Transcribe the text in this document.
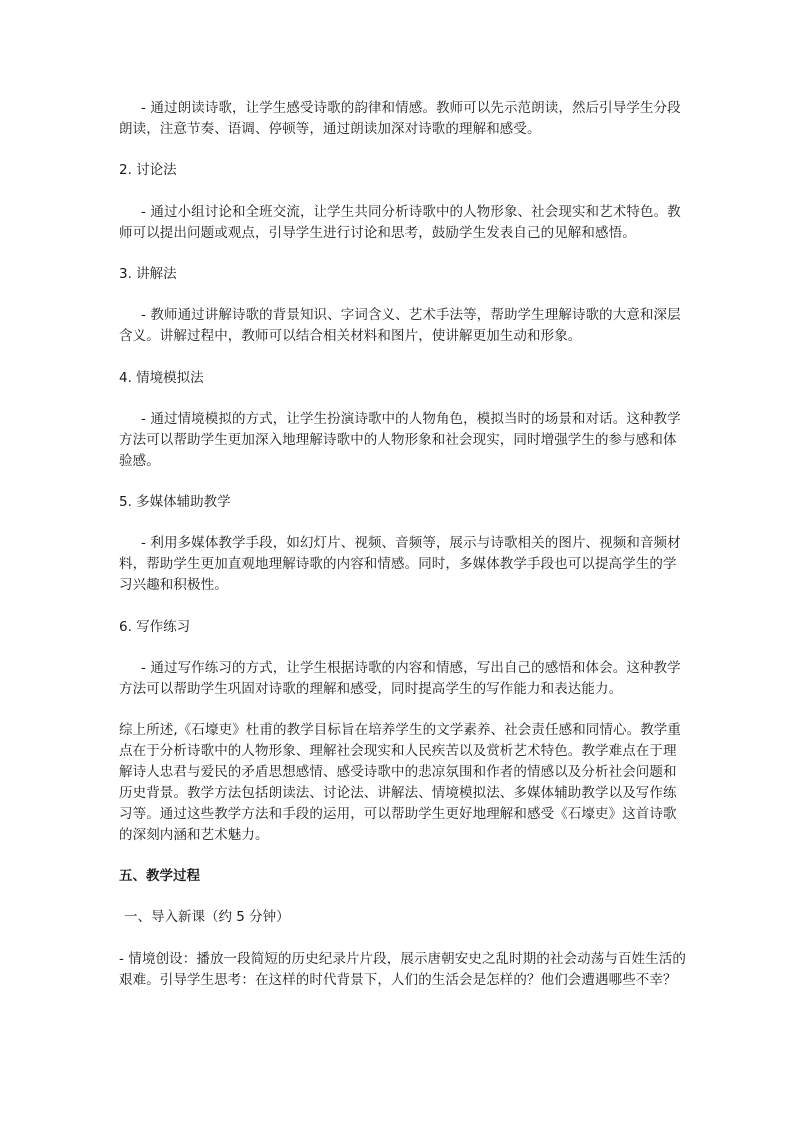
- 通过朗读诗歌，让学生感受诗歌的韵律和情感。教师可以先示范朗读，然后引导学生分段朗读，注意节奏、语调、停顿等，通过朗读加深对诗歌的理解和感受。

2. 讨论法

- 通过小组讨论和全班交流，让学生共同分析诗歌中的人物形象、社会现实和艺术特色。教师可以提出问题或观点，引导学生进行讨论和思考，鼓励学生发表自己的见解和感悟。

3. 讲解法

- 教师通过讲解诗歌的背景知识、字词含义、艺术手法等，帮助学生理解诗歌的大意和深层含义。讲解过程中，教师可以结合相关材料和图片，使讲解更加生动和形象。

4. 情境模拟法

- 通过情境模拟的方式，让学生扮演诗歌中的人物角色，模拟当时的场景和对话。这种教学方法可以帮助学生更加深入地理解诗歌中的人物形象和社会现实，同时增强学生的参与感和体验感。

5. 多媒体辅助教学

- 利用多媒体教学手段，如幻灯片、视频、音频等，展示与诗歌相关的图片、视频和音频材料，帮助学生更加直观地理解诗歌的内容和情感。同时，多媒体教学手段也可以提高学生的学习兴趣和积极性。

6. 写作练习

- 通过写作练习的方式，让学生根据诗歌的内容和情感，写出自己的感悟和体会。这种教学方法可以帮助学生巩固对诗歌的理解和感受，同时提高学生的写作能力和表达能力。

综上所述,《石壕吏》杜甫的教学目标旨在培养学生的文学素养、社会责任感和同情心。教学重点在于分析诗歌中的人物形象、理解社会现实和人民疾苦以及赏析艺术特色。教学难点在于理解诗人忠君与爱民的矛盾思想感情、感受诗歌中的悲凉氛围和作者的情感以及分析社会问题和历史背景。教学方法包括朗读法、讨论法、讲解法、情境模拟法、多媒体辅助教学以及写作练习等。通过这些教学方法和手段的运用，可以帮助学生更好地理解和感受《石壕吏》这首诗歌的深刻内涵和艺术魅力。

五、教学过程

一、导入新课（约 5 分钟）

- 情境创设：播放一段简短的历史纪录片片段，展示唐朝安史之乱时期的社会动荡与百姓生活的艰难。引导学生思考：在这样的时代背景下，人们的生活会是怎样的？他们会遭遇哪些不幸？
